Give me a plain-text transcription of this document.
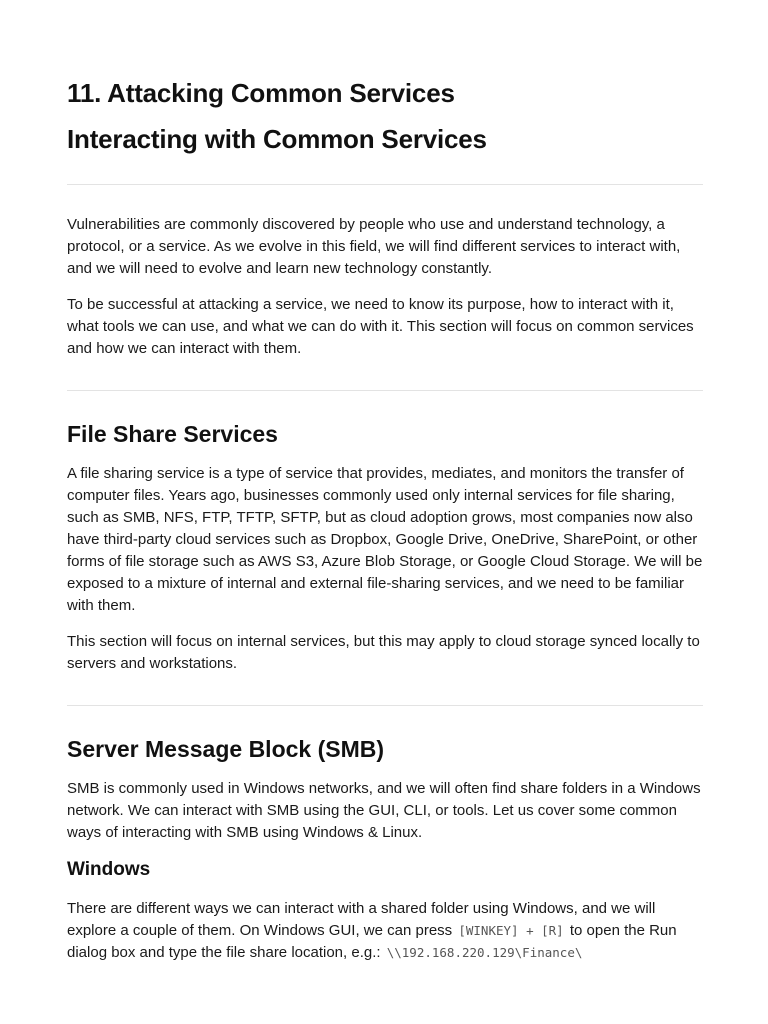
11. Attacking Common Services
Interacting with Common Services

Vulnerabilities are commonly discovered by people who use and understand technology, a protocol, or a service. As we evolve in this field, we will find different services to interact with, and we will need to evolve and learn new technology constantly.

To be successful at attacking a service, we need to know its purpose, how to interact with it, what tools we can use, and what we can do with it. This section will focus on common services and how we can interact with them.

File Share Services

A file sharing service is a type of service that provides, mediates, and monitors the transfer of computer files. Years ago, businesses commonly used only internal services for file sharing, such as SMB, NFS, FTP, TFTP, SFTP, but as cloud adoption grows, most companies now also have third-party cloud services such as Dropbox, Google Drive, OneDrive, SharePoint, or other forms of file storage such as AWS S3, Azure Blob Storage, or Google Cloud Storage. We will be exposed to a mixture of internal and external file-sharing services, and we need to be familiar with them.

This section will focus on internal services, but this may apply to cloud storage synced locally to servers and workstations.

Server Message Block (SMB)

SMB is commonly used in Windows networks, and we will often find share folders in a Windows network. We can interact with SMB using the GUI, CLI, or tools. Let us cover some common ways of interacting with SMB using Windows & Linux.

Windows

There are different ways we can interact with a shared folder using Windows, and we will explore a couple of them. On Windows GUI, we can press [WINKEY] + [R] to open the Run dialog box and type the file share location, e.g.: \\192.168.220.129\Finance\
